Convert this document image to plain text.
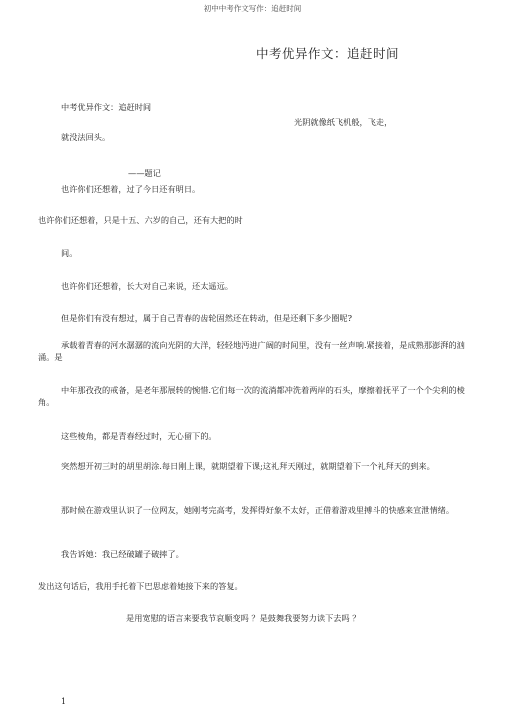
初中中考作文写作：追赶时间
中考优异作文：追赶时间
中考优异作文：追赶时间
光阴就像纸飞机般，飞走，
就没法回头。
——题记
也许你们还想着，过了今日还有明日。
也许你们还想着，只是十五、六岁的自己，还有大把的时
间。
也许你们还想着，长大对自己来说，还太遥远。
但是你们有没有想过，属于自己青春的齿轮固然还在转动，但是还剩下多少圈呢?
承载着青春的河水潺潺的流向光阴的大洋，轻轻地沔进广阔的时间里，没有一丝声响.紧接着，是成熟那澎湃的汹涌。是
中年那孜孜的戒备，是老年那展转的惋惜.它们每一次的流淌都冲洗着两岸的石头，摩擦着抚平了一个个尖利的棱角。
这些棱角，都是青春经过时，无心留下的。
突然想开初三时的胡里胡涂.每日刚上课，就期望着下课;这礼拜天刚过，就期望着下一个礼拜天的到来。
那时候在游戏里认识了一位网友，她刚考完高考，发挥得好象不太好，正借着游戏里搏斗的快感来宣泄情绪。
我告诉她：我已经破罐子破摔了。
发出这句话后，我用手托着下巴思虑着她接下来的答复。
是用宽慰的语言来要我节哀顺变吗 ？是鼓舞我要努力读下去吗 ？
1
